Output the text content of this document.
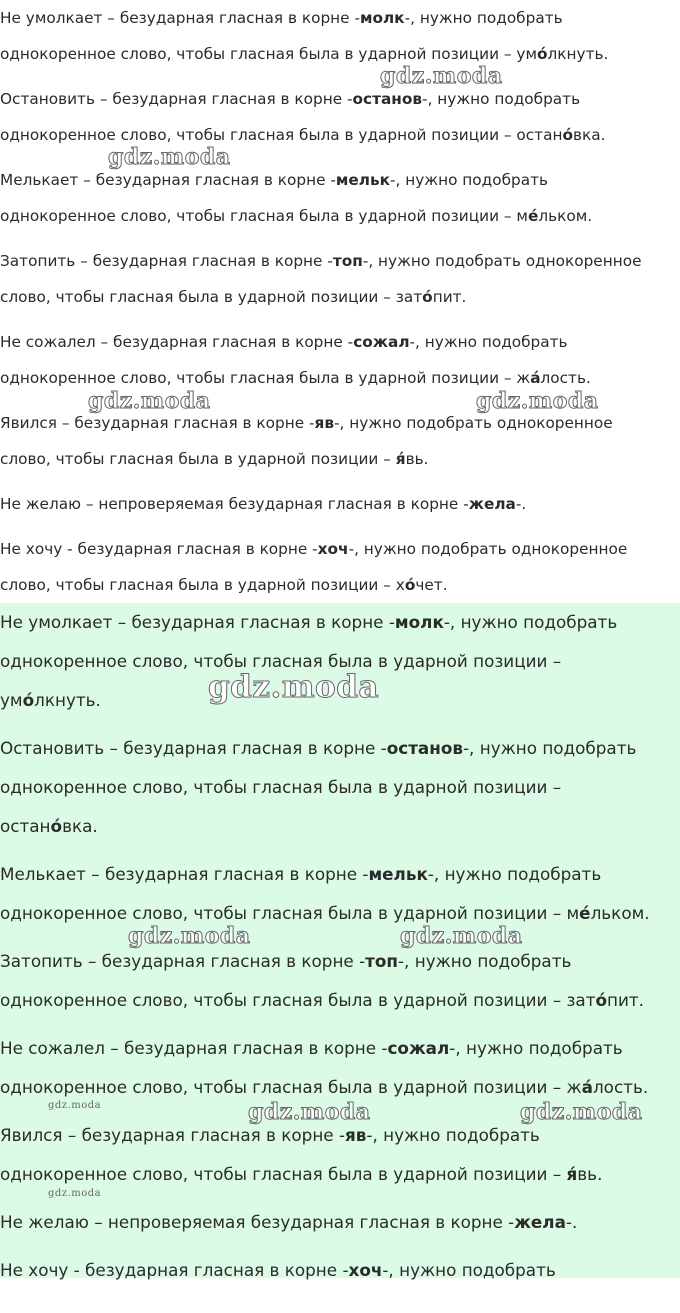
Не умолкает – безударная гласная в корне -молк-, нужно подобрать
однокоренное слово, чтобы гласная была в ударной позиции – умо́лкнуть.

Остановить – безударная гласная в корне -останов-, нужно подобрать
однокоренное слово, чтобы гласная была в ударной позиции – остано́вка.

Мелькает – безударная гласная в корне -мельк-, нужно подобрать
однокоренное слово, чтобы гласная была в ударной позиции – ме́льком.

Затопить – безударная гласная в корне -топ-, нужно подобрать однокоренное
слово, чтобы гласная была в ударной позиции – зато́пит.

Не сожалел – безударная гласная в корне -сожал-, нужно подобрать
однокоренное слово, чтобы гласная была в ударной позиции – жа́лость.

Явился – безударная гласная в корне -яв-, нужно подобрать однокоренное
слово, чтобы гласная была в ударной позиции – я́вь.

Не желаю – непроверяемая безударная гласная в корне -жела-.

Не хочу - безударная гласная в корне -хоч-, нужно подобрать однокоренное
слово, чтобы гласная была в ударной позиции – хо́чет.

gdz.moda
gdz.moda
gdz.moda	gdz.moda

Не умолкает – безударная гласная в корне -молк-, нужно подобрать
однокоренное слово, чтобы гласная была в ударной позиции –
умо́лкнуть.

Остановить – безударная гласная в корне -останов-, нужно подобрать
однокоренное слово, чтобы гласная была в ударной позиции –
остано́вка.

Мелькает – безударная гласная в корне -мельк-, нужно подобрать
однокоренное слово, чтобы гласная была в ударной позиции – ме́льком.

Затопить – безударная гласная в корне -топ-, нужно подобрать
однокоренное слово, чтобы гласная была в ударной позиции – зато́пит.

Не сожалел – безударная гласная в корне -сожал-, нужно подобрать
однокоренное слово, чтобы гласная была в ударной позиции – жа́лость.

Явился – безударная гласная в корне -яв-, нужно подобрать
однокоренное слово, чтобы гласная была в ударной позиции – я́вь.

Не желаю – непроверяемая безударная гласная в корне -жела-.

Не хочу - безударная гласная в корне -хоч-, нужно подобрать

gdz.moda
gdz.moda	gdz.moda
gdz.moda	gdz.moda
gdz.moda
gdz.moda
